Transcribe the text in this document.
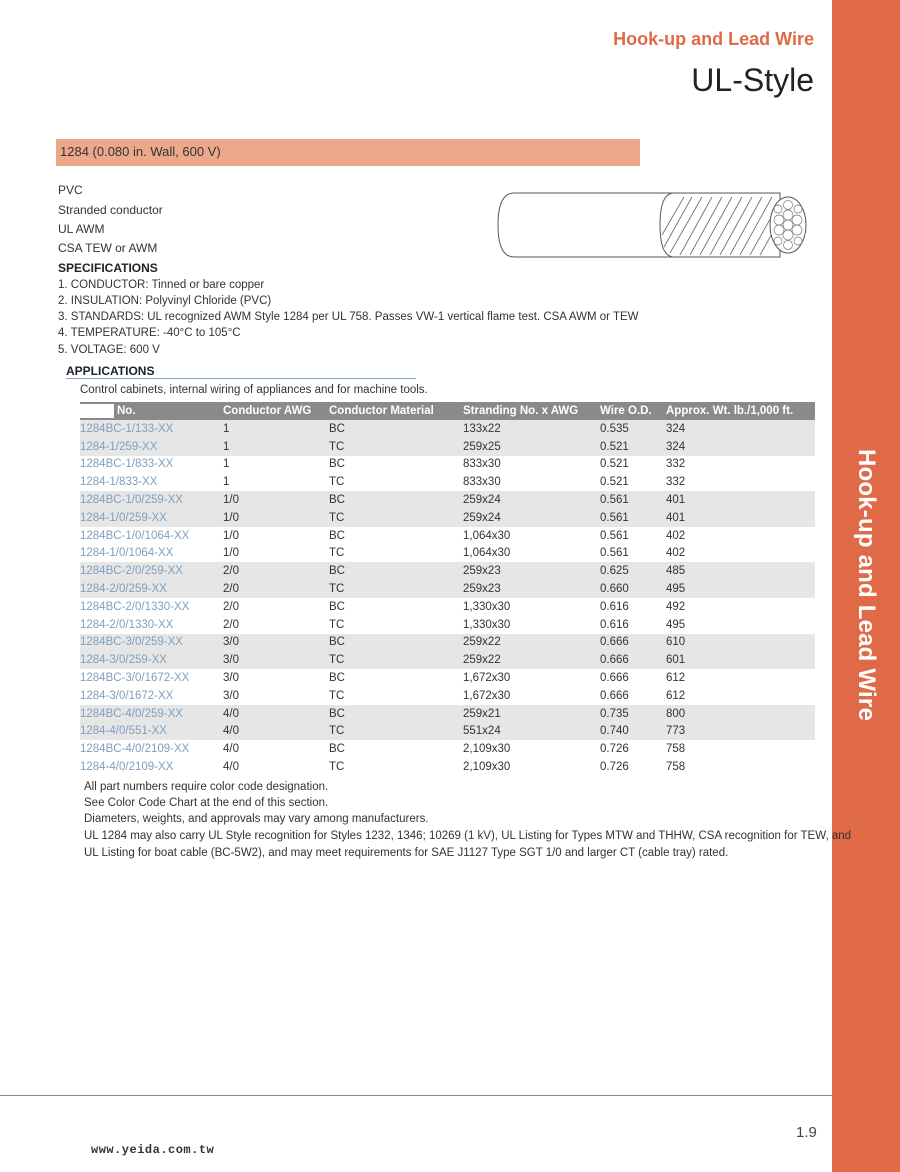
Hook-up and Lead Wire
Hook-up and Lead Wire
UL-Style
1284 (0.080 in. Wall, 600 V)
PVC
Stranded conductor
UL AWM
CSA TEW or AWM
SPECIFICATIONS
1. CONDUCTOR: Tinned or bare copper
2. INSULATION: Polyvinyl Chloride (PVC)
3. STANDARDS: UL recognized AWM Style 1284 per UL 758. Passes VW-1 vertical flame test. CSA AWM or TEW
4. TEMPERATURE: -40°C to 105°C
5. VOLTAGE: 600 V
APPLICATIONS
Control cabinets, internal wiring of appliances and for machine tools.
No.	Conductor AWG	Conductor Material	Stranding No. x AWG	Wire O.D.	Approx. Wt. lb./1,000 ft.
1284BC-1/133-XX	1	BC	133x22	0.535	324
1284-1/259-XX	1	TC	259x25	0.521	324
1284BC-1/833-XX	1	BC	833x30	0.521	332
1284-1/833-XX	1	TC	833x30	0.521	332
1284BC-1/0/259-XX	1/0	BC	259x24	0.561	401
1284-1/0/259-XX	1/0	TC	259x24	0.561	401
1284BC-1/0/1064-XX	1/0	BC	1,064x30	0.561	402
1284-1/0/1064-XX	1/0	TC	1,064x30	0.561	402
1284BC-2/0/259-XX	2/0	BC	259x23	0.625	485
1284-2/0/259-XX	2/0	TC	259x23	0.660	495
1284BC-2/0/1330-XX	2/0	BC	1,330x30	0.616	492
1284-2/0/1330-XX	2/0	TC	1,330x30	0.616	495
1284BC-3/0/259-XX	3/0	BC	259x22	0.666	610
1284-3/0/259-XX	3/0	TC	259x22	0.666	601
1284BC-3/0/1672-XX	3/0	BC	1,672x30	0.666	612
1284-3/0/1672-XX	3/0	TC	1,672x30	0.666	612
1284BC-4/0/259-XX	4/0	BC	259x21	0.735	800
1284-4/0/551-XX	4/0	TC	551x24	0.740	773
1284BC-4/0/2109-XX	4/0	BC	2,109x30	0.726	758
1284-4/0/2109-XX	4/0	TC	2,109x30	0.726	758
All part numbers require color code designation.
See Color Code Chart at the end of this section.
Diameters, weights, and approvals may vary among manufacturers.
UL 1284 may also carry UL Style recognition for Styles 1232, 1346; 10269 (1 kV), UL Listing for Types MTW and THHW, CSA recognition for TEW, and
UL Listing for boat cable (BC-5W2), and may meet requirements for SAE J1127 Type SGT 1/0 and larger CT (cable tray) rated.
www.yeida.com.tw
1.9
